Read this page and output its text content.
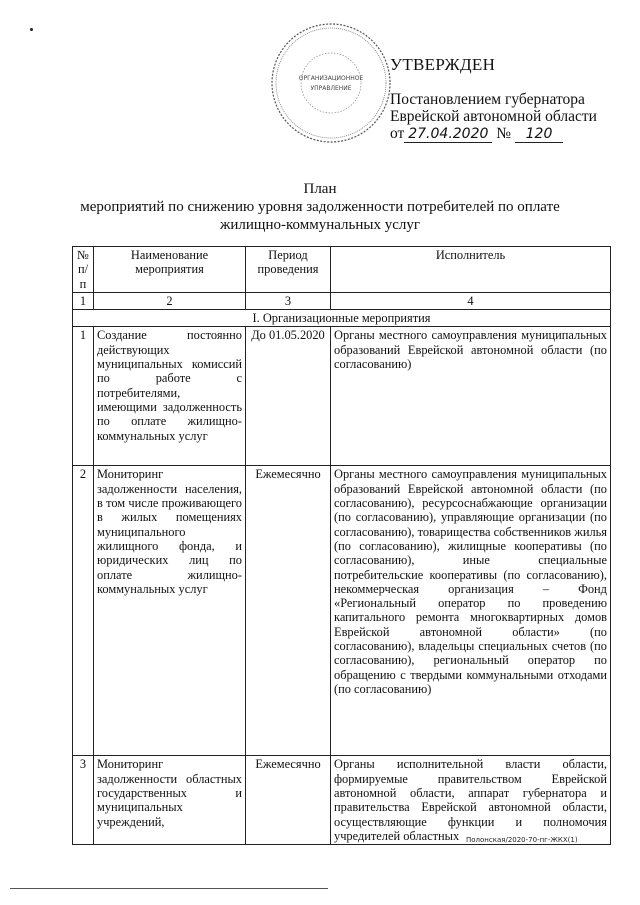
ОРГАНИЗАЦИОННОЕ
УПРАВЛЕНИЕ
УТВЕРЖДЕН
Постановлением губернатора
Еврейской автономной области
от 27.04.2020 № 120
План
мероприятий по снижению уровня задолженности потребителей по оплате
жилищно-коммунальных услуг
№ п/п	Наименование мероприятия	Период проведения	Исполнитель
1	2	3	4
I. Организационные мероприятия			
1	Создание постоянно действующих муниципальных комиссий по работе с потребителями, имеющими задолженность по оплате жилищно-коммунальных услуг	До 01.05.2020	Органы местного самоуправления муниципальных образований Еврейской автономной области (по согласованию)
2	Мониторинг задолженности населения, в том числе проживающего в жилых помещениях муниципального жилищного фонда, и юридических лиц по оплате жилищно-коммунальных услуг	Ежемесячно	Органы местного самоуправления муниципальных образований Еврейской автономной области (по согласованию), ресурсоснабжающие организации (по согласованию), управляющие организации (по согласованию), товарищества собственников жилья (по согласованию), жилищные кооперативы (по согласованию), иные специальные потребительские кооперативы (по согласованию), некоммерческая организация – Фонд «Региональный оператор по проведению капитального ремонта многоквартирных домов Еврейской автономной области» (по согласованию), владельцы специальных счетов (по согласованию), региональный оператор по обращению с твердыми коммунальными отходами (по согласованию)
3	Мониторинг задолженности областных государственных и муниципальных учреждений,	Ежемесячно	Органы исполнительной власти области, формируемые правительством Еврейской автономной области, аппарат губернатора и правительства Еврейской автономной области, осуществляющие функции и полномочия учредителей областных Полонская/2020-70-пг-ЖКХ(1)
